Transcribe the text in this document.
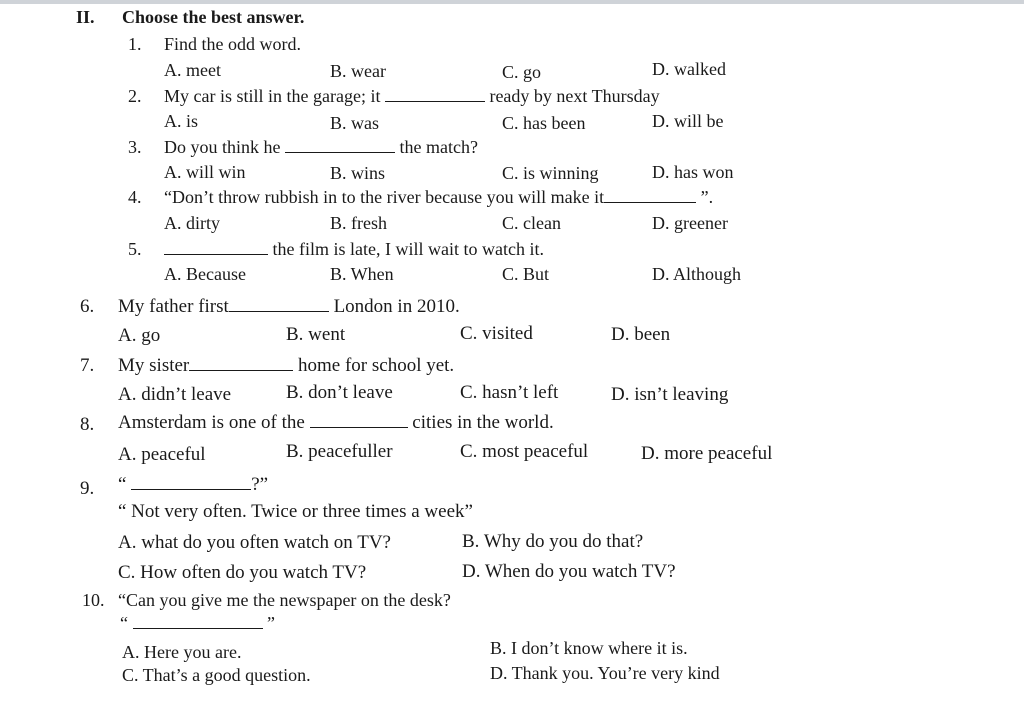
II. Choose the best answer.
1. Find the odd word.
A. meet	B. wear	C. go	D. walked
2. My car is still in the garage; it	ready by next Thursday
A. is	B. was	C. has been	D. will be
3. Do you think he	the match?
A. will win	B. wins	C. is winning	D. has won
4. “Don’t throw rubbish in to the river because you will make it	”.
A. dirty	B. fresh	C. clean	D. greener
5.	the film is late, I will wait to watch it.
A. Because	B. When	C. But	D. Although
6. My father first	London in 2010.
A. go	B. went	C. visited	D. been
7. My sister	home for school yet.
A. didn’t leave	B. don’t leave	C. hasn’t left	D. isn’t leaving
8. Amsterdam is one of the	cities in the world.
A. peaceful	B. peacefuller	C. most peaceful	D. more peaceful
9. “	?”
“ Not very often. Twice or three times a week”
A. what do you often watch on TV?	B. Why do you do that?
C. How often do you watch TV?	D. When do you watch TV?
10. “Can you give me the newspaper on the desk?
“	”
A. Here you are.	B. I don’t know where it is.
C. That’s a good question.	D. Thank you. You’re very kind
